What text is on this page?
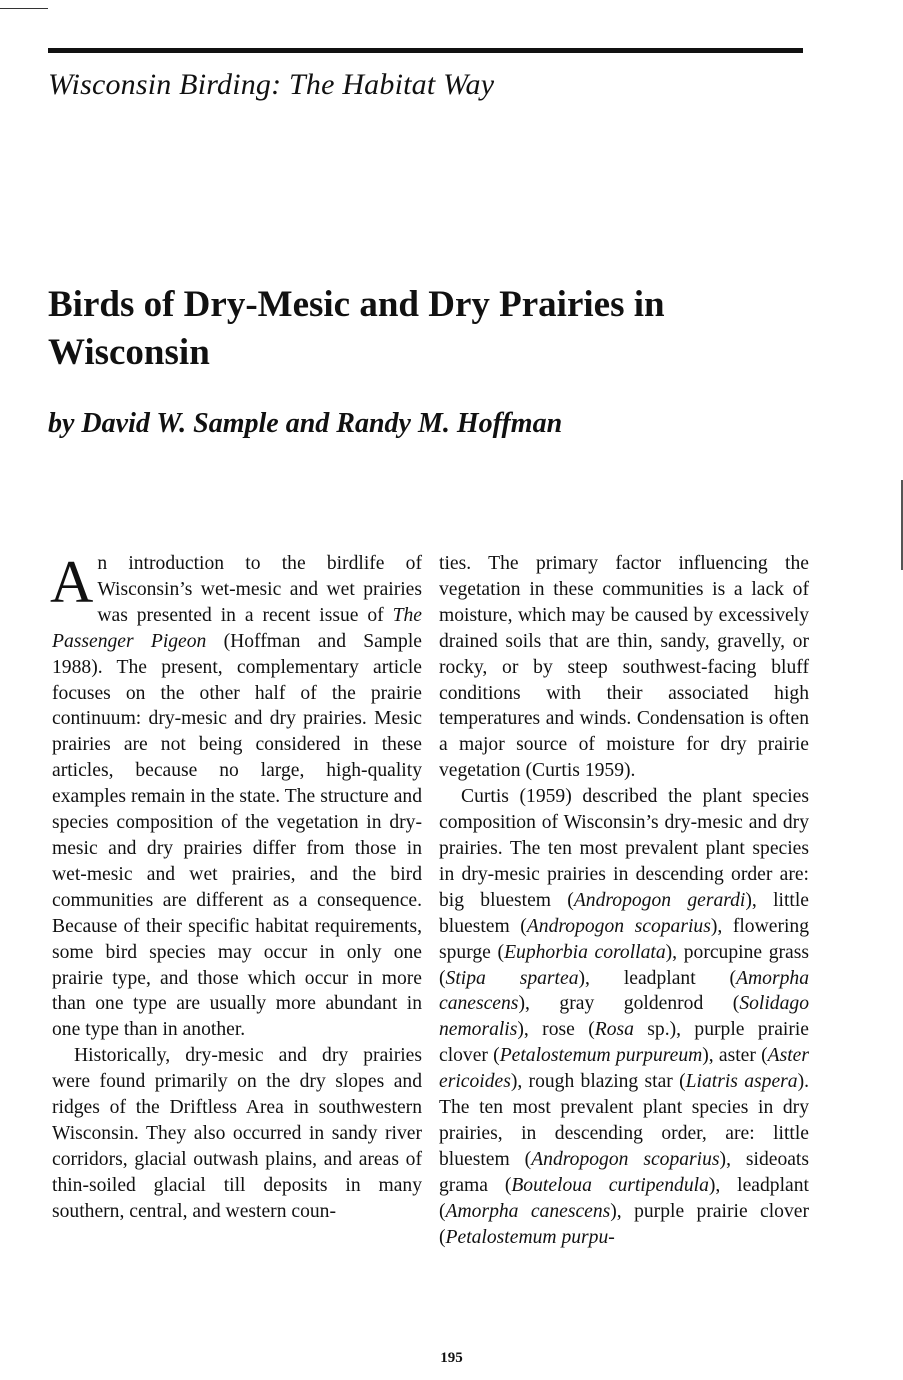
Wisconsin Birding: The Habitat Way
Birds of Dry-Mesic and Dry Prairies in Wisconsin
by David W. Sample and Randy M. Hoffman

An introduction to the birdlife of Wisconsin’s wet-mesic and wet prairies was presented in a recent issue of The Passenger Pigeon (Hoffman and Sample 1988). The present, complementary article focuses on the other half of the prairie continuum: dry-mesic and dry prairies. Mesic prairies are not being considered in these articles, because no large, high-quality examples remain in the state. The structure and species composition of the vegetation in dry-mesic and dry prairies differ from those in wet-mesic and wet prairies, and the bird communities are different as a consequence. Because of their specific habitat requirements, some bird species may occur in only one prairie type, and those which occur in more than one type are usually more abundant in one type than in another.

Historically, dry-mesic and dry prairies were found primarily on the dry slopes and ridges of the Driftless Area in southwestern Wisconsin. They also occurred in sandy river corridors, glacial outwash plains, and areas of thin-soiled glacial till deposits in many southern, central, and western coun-

ties. The primary factor influencing the vegetation in these communities is a lack of moisture, which may be caused by excessively drained soils that are thin, sandy, gravelly, or rocky, or by steep southwest-facing bluff conditions with their associated high temperatures and winds. Condensation is often a major source of moisture for dry prairie vegetation (Curtis 1959).

Curtis (1959) described the plant species composition of Wisconsin’s dry-mesic and dry prairies. The ten most prevalent plant species in dry-mesic prairies in descending order are: big bluestem (Andropogon gerardi), little bluestem (Andropogon scoparius), flowering spurge (Euphorbia corollata), porcupine grass (Stipa spartea), leadplant (Amorpha canescens), gray goldenrod (Solidago nemoralis), rose (Rosa sp.), purple prairie clover (Petalostemum purpureum), aster (Aster ericoides), rough blazing star (Liatris aspera). The ten most prevalent plant species in dry prairies, in descending order, are: little bluestem (Andropogon scoparius), sideoats grama (Bouteloua curtipendula), leadplant (Amorpha canescens), purple prairie clover (Petalostemum purpu-

195
